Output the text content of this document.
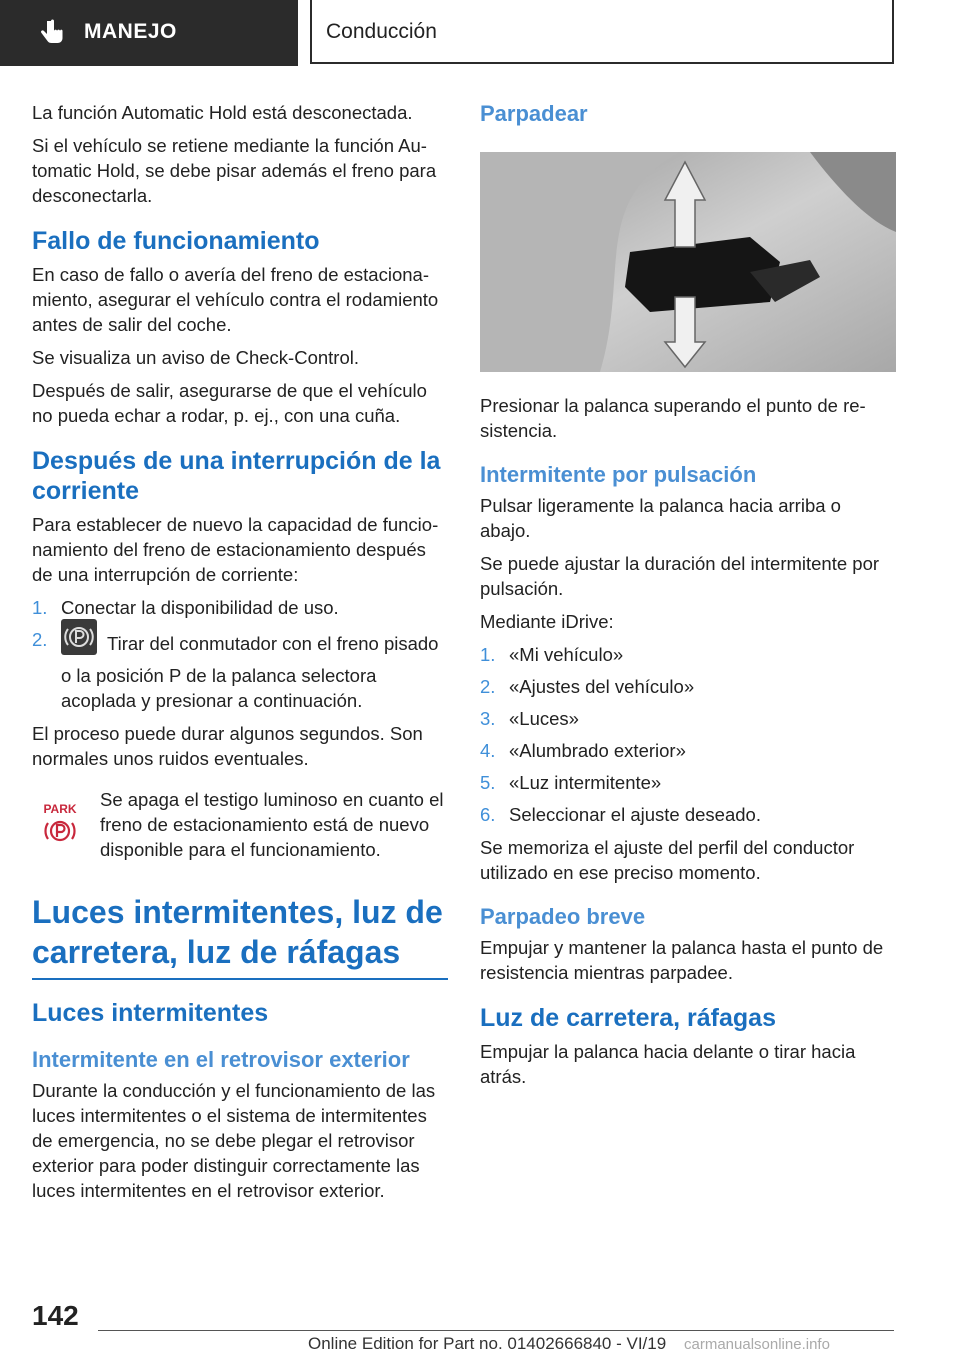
MANEJO	Conducción

La función Automatic Hold está desconectada.

Si el vehículo se retiene mediante la función Automatic Hold, se debe pisar además el freno para desconectarla.

Fallo de funcionamiento

En caso de fallo o avería del freno de estacionamiento, asegurar el vehículo contra el rodamiento antes de salir del coche.

Se visualiza un aviso de Check-Control.

Después de salir, asegurarse de que el vehículo no pueda echar a rodar, p. ej., con una cuña.

Después de una interrupción de la corriente

Para establecer de nuevo la capacidad de funcionamiento del freno de estacionamiento después de una interrupción de corriente:

1. Conectar la disponibilidad de uso.
2.	Tirar del conmutador con el freno pisado o la posición P de la palanca selectora acoplada y presionar a continuación.

El proceso puede durar algunos segundos. Son normales unos ruidos eventuales.

PARK Se apaga el testigo luminoso en cuanto el freno de estacionamiento está de nuevo disponible para el funcionamiento.

Luces intermitentes, luz de carretera, luz de ráfagas
Luces intermitentes
Intermitente en el retrovisor exterior

Durante la conducción y el funcionamiento de las luces intermitentes o el sistema de intermitentes de emergencia, no se debe plegar el retrovisor exterior para poder distinguir correctamente las luces intermitentes en el retrovisor exterior.

Parpadear

Presionar la palanca superando el punto de resistencia.

Intermitente por pulsación

Pulsar ligeramente la palanca hacia arriba o abajo.

Se puede ajustar la duración del intermitente por pulsación.

Mediante iDrive:

1. «Mi vehículo»
2. «Ajustes del vehículo»
3. «Luces»
4. «Alumbrado exterior»
5. «Luz intermitente»
6. Seleccionar el ajuste deseado.

Se memoriza el ajuste del perfil del conductor utilizado en ese preciso momento.

Parpadeo breve

Empujar y mantener la palanca hasta el punto de resistencia mientras parpadee.

Luz de carretera, ráfagas

Empujar la palanca hacia delante o tirar hacia atrás.

142
Online Edition for Part no. 01402666840 - VI/19 carmanualsonline.info
